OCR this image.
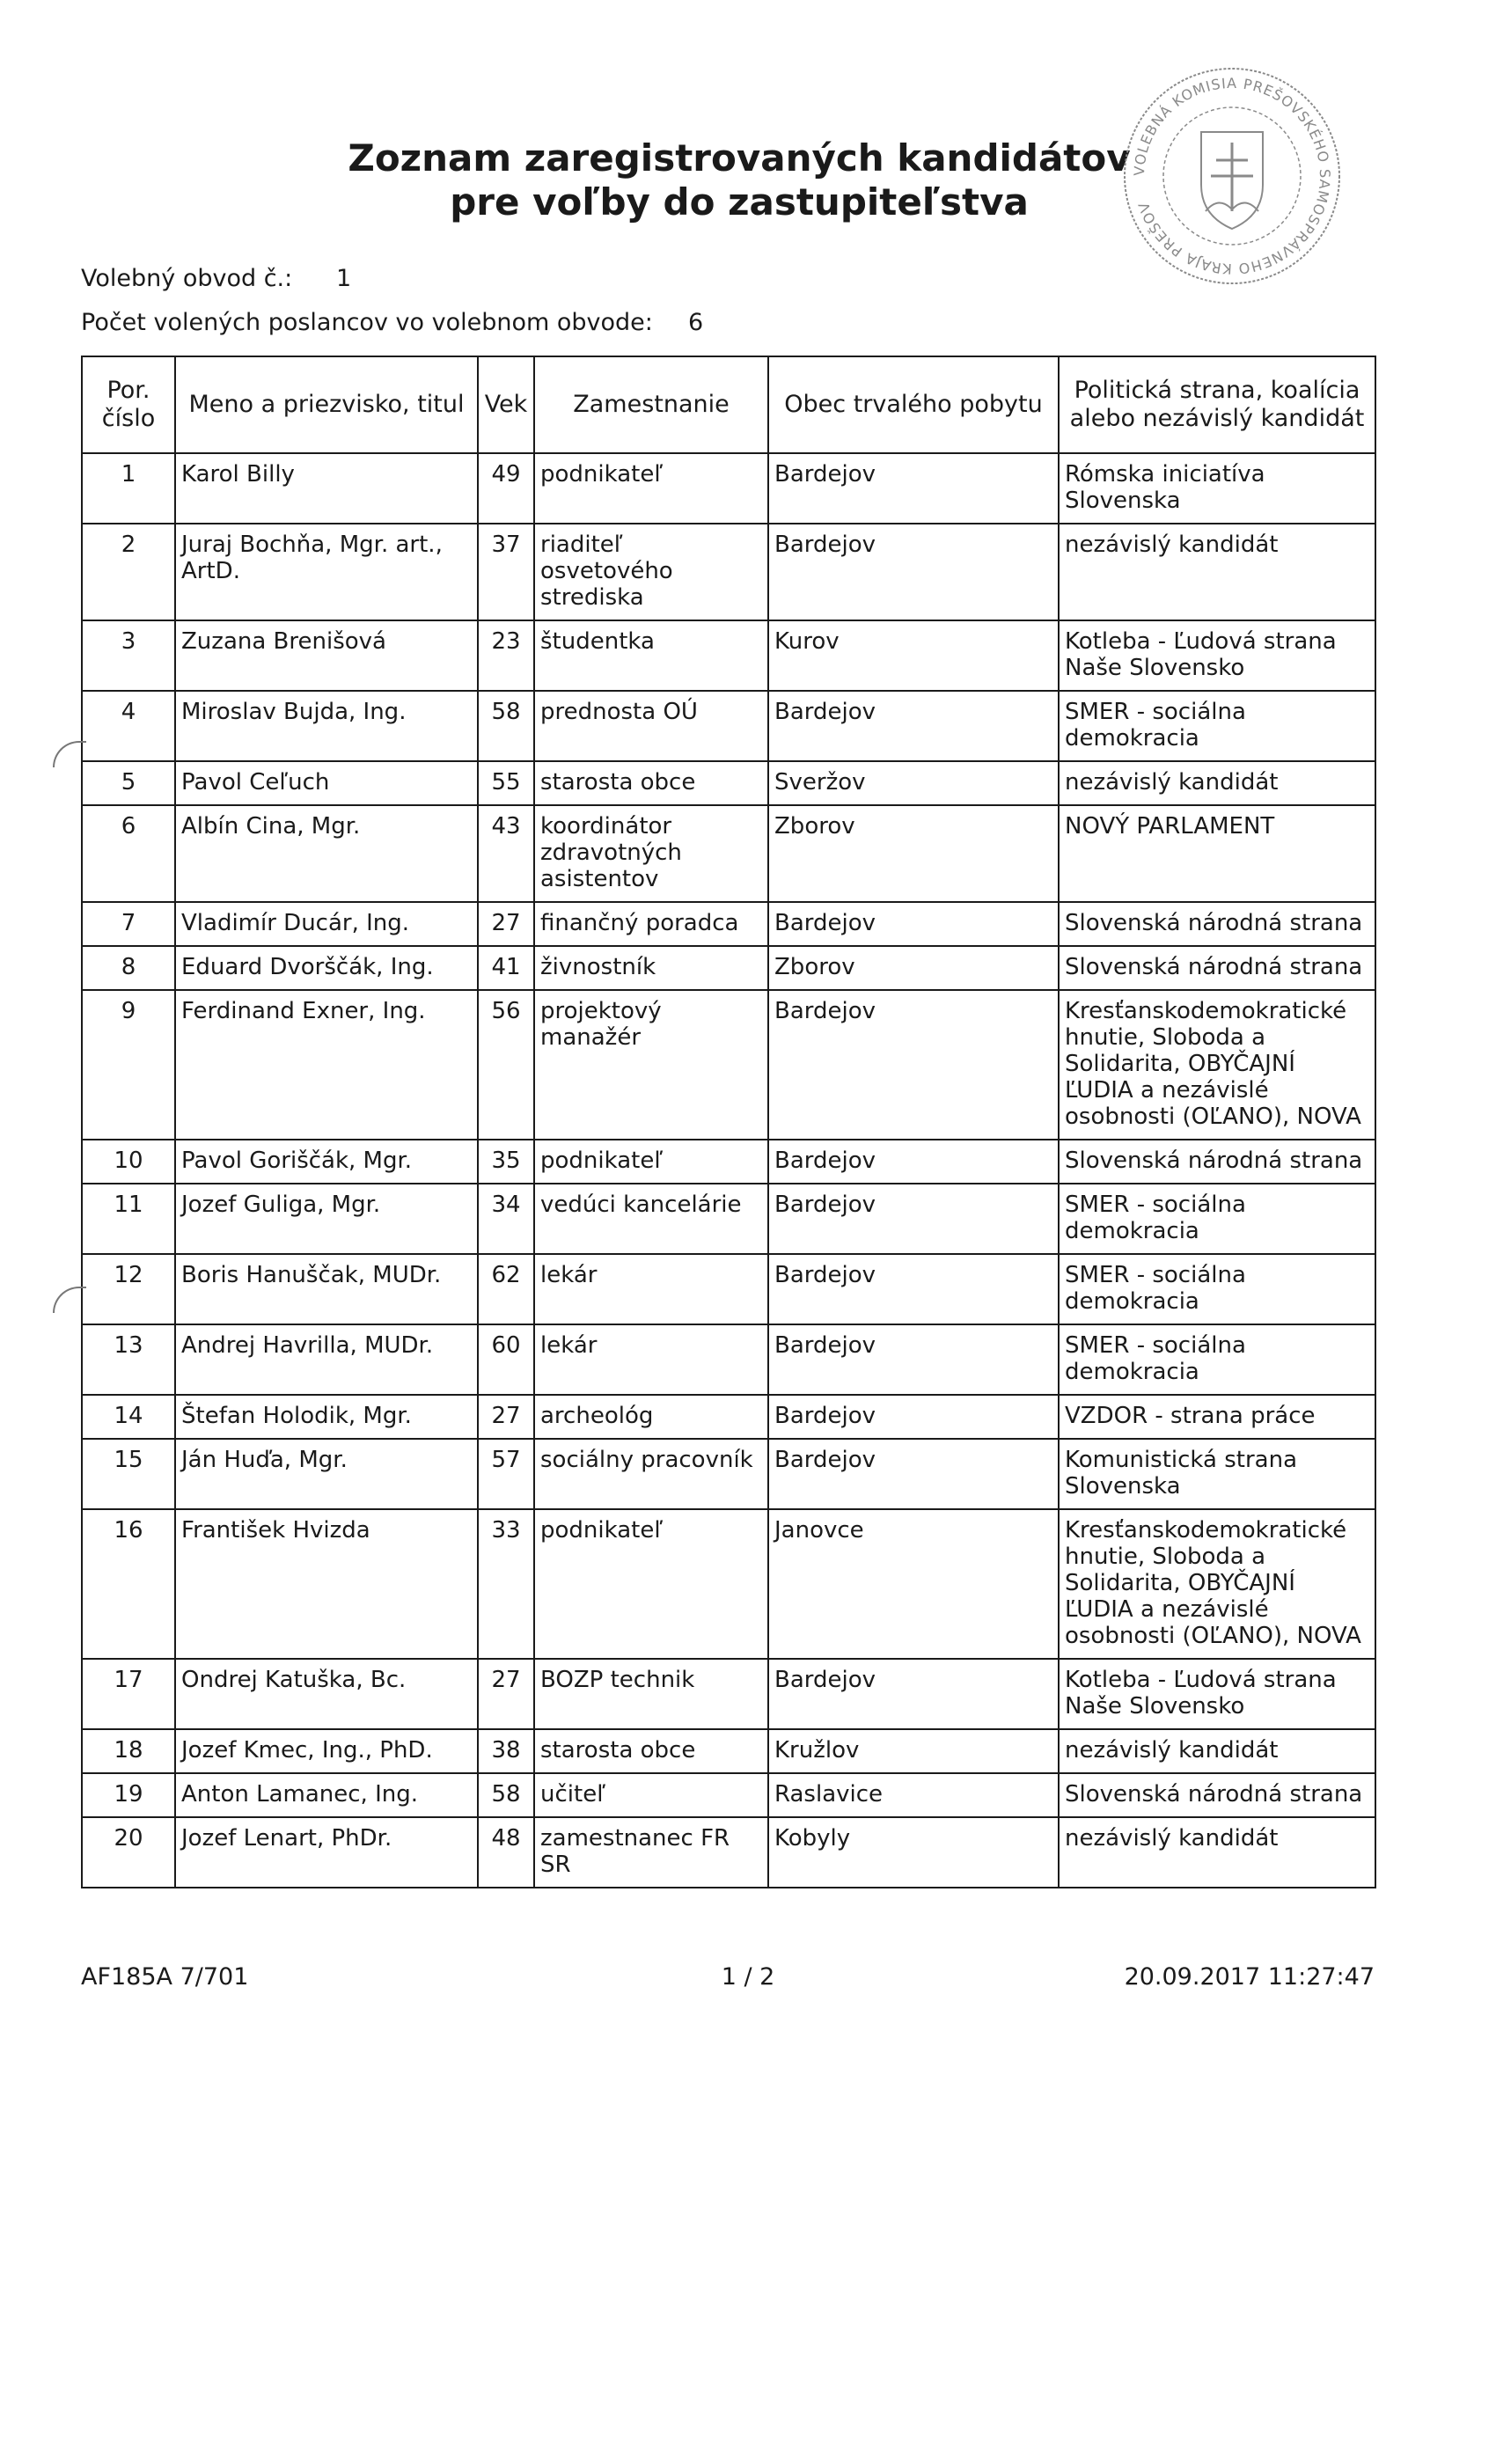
Zoznam zaregistrovaných kandidátov
pre voľby do zastupiteľstva
VOLEBNÁ KOMISIA PREŠOVSKÉHO SAMOSPRÁVNEHO KRAJA PREŠOV
Volebný obvod č.: 1
Počet volených poslancov vo volebnom obvode: 6
Por. číslo	Meno a priezvisko, titul	Vek	Zamestnanie	Obec trvalého pobytu	Politická strana, koalícia alebo nezávislý kandidát
1	Karol Billy	49	podnikateľ	Bardejov	Rómska iniciatíva Slovenska
2	Juraj Bochňa, Mgr. art., ArtD.	37	riaditeľ osvetového strediska	Bardejov	nezávislý kandidát
3	Zuzana Brenišová	23	študentka	Kurov	Kotleba - Ľudová strana Naše Slovensko
4	Miroslav Bujda, Ing.	58	prednosta OÚ	Bardejov	SMER - sociálna demokracia
5	Pavol Ceľuch	55	starosta obce	Sveržov	nezávislý kandidát
6	Albín Cina, Mgr.	43	koordinátor zdravotných asistentov	Zborov	NOVÝ PARLAMENT
7	Vladimír Ducár, Ing.	27	finančný poradca	Bardejov	Slovenská národná strana
8	Eduard Dvorščák, Ing.	41	živnostník	Zborov	Slovenská národná strana
9	Ferdinand Exner, Ing.	56	projektový manažér	Bardejov	Kresťanskodemokratické hnutie, Sloboda a Solidarita, OBYČAJNÍ ĽUDIA a nezávislé osobnosti (OĽANO), NOVA
10	Pavol Goriščák, Mgr.	35	podnikateľ	Bardejov	Slovenská národná strana
11	Jozef Guliga, Mgr.	34	vedúci kancelárie	Bardejov	SMER - sociálna demokracia
12	Boris Hanuščak, MUDr.	62	lekár	Bardejov	SMER - sociálna demokracia
13	Andrej Havrilla, MUDr.	60	lekár	Bardejov	SMER - sociálna demokracia
14	Štefan Holodik, Mgr.	27	archeológ	Bardejov	VZDOR - strana práce
15	Ján Huďa, Mgr.	57	sociálny pracovník	Bardejov	Komunistická strana Slovenska
16	František Hvizda	33	podnikateľ	Janovce	Kresťanskodemokratické hnutie, Sloboda a Solidarita, OBYČAJNÍ ĽUDIA a nezávislé osobnosti (OĽANO), NOVA
17	Ondrej Katuška, Bc.	27	BOZP technik	Bardejov	Kotleba - Ľudová strana Naše Slovensko
18	Jozef Kmec, Ing., PhD.	38	starosta obce	Kružlov	nezávislý kandidát
19	Anton Lamanec, Ing.	58	učiteľ	Raslavice	Slovenská národná strana
20	Jozef Lenart, PhDr.	48	zamestnanec FR SR	Kobyly	nezávislý kandidát
AF185A 7/701	1 / 2	20.09.2017 11:27:47
